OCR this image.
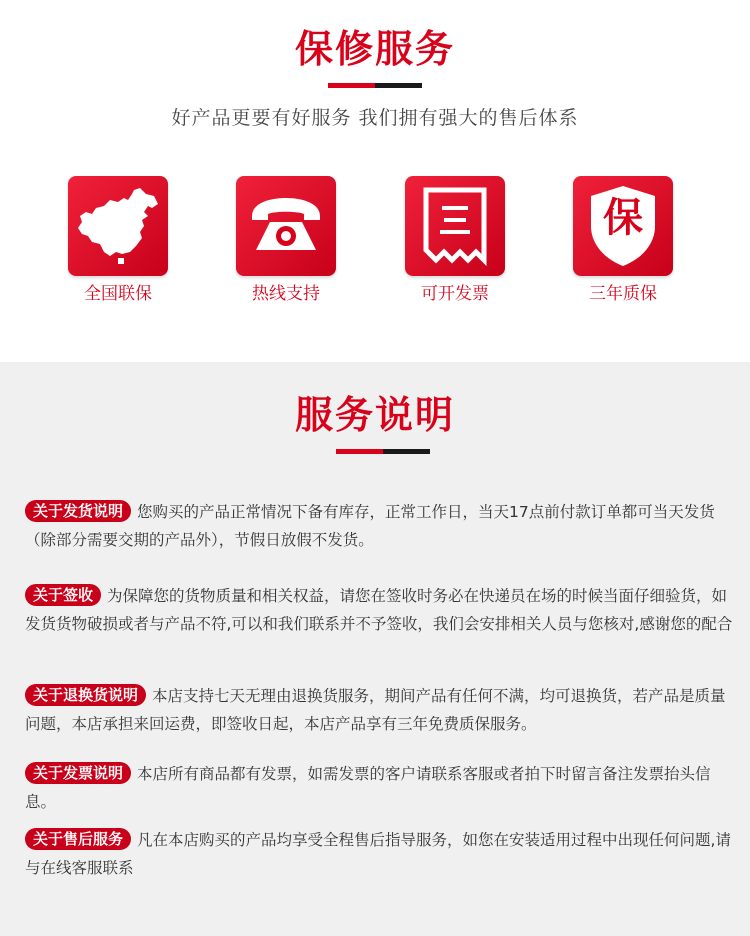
保修服务
好产品更要有好服务 我们拥有强大的售后体系
全国联保	热线支持	可开发票
保
三年质保
服务说明
关于发货说明 您购买的产品正常情况下备有库存，正常工作日，当天17点前付款订单都可当天发货（除部分需要交期的产品外），节假日放假不发货。
关于签收 为保障您的货物质量和相关权益，请您在签收时务必在快递员在场的时候当面仔细验货，如发货货物破损或者与产品不符,可以和我们联系并不予签收，我们会安排相关人员与您核对,感谢您的配合
关于退换货说明 本店支持七天无理由退换货服务，期间产品有任何不满，均可退换货，若产品是质量问题，本店承担来回运费，即签收日起，本店产品享有三年免费质保服务。
关于发票说明 本店所有商品都有发票，如需发票的客户请联系客服或者拍下时留言备注发票抬头信息。
关于售后服务 凡在本店购买的产品均享受全程售后指导服务，如您在安装适用过程中出现任何问题,请与在线客服联系
